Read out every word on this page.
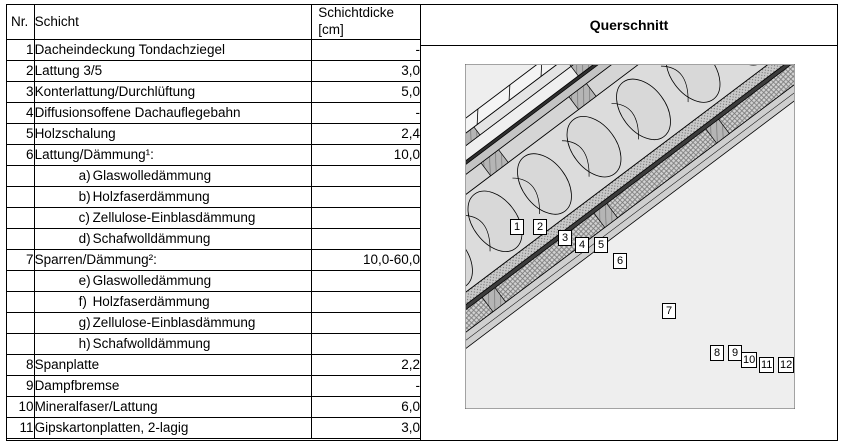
Nr.	Schicht	Schichtdicke
[cm]
1	Dacheindeckung Tondachziegel	-
2	Lattung 3/5	3,0
3	Konterlattung/Durchlüftung	5,0
4	Diffusionsoffene Dachauflegebahn	-
5	Holzschalung	2,4
6	Lattung/Dämmung¹:	10,0
	a) Glaswolledämmung	
	b) Holzfaserdämmung	
	c) Zellulose-Einblasdämmung	
	d) Schafwolldämmung	
7	Sparren/Dämmung²:	10,0-60,0
	e) Glaswolledämmung	
	f) Holzfaserdämmung	
	g) Zellulose-Einblasdämmung	
	h) Schafwolldämmung	
8	Spanplatte	2,2
9	Dampfbremse	-
10	Mineralfaser/Lattung	6,0
11	Gipskartonplatten, 2-lagig	3,0
Querschnitt
1	2
3
4	5
6
7
8	9
10 11 12
